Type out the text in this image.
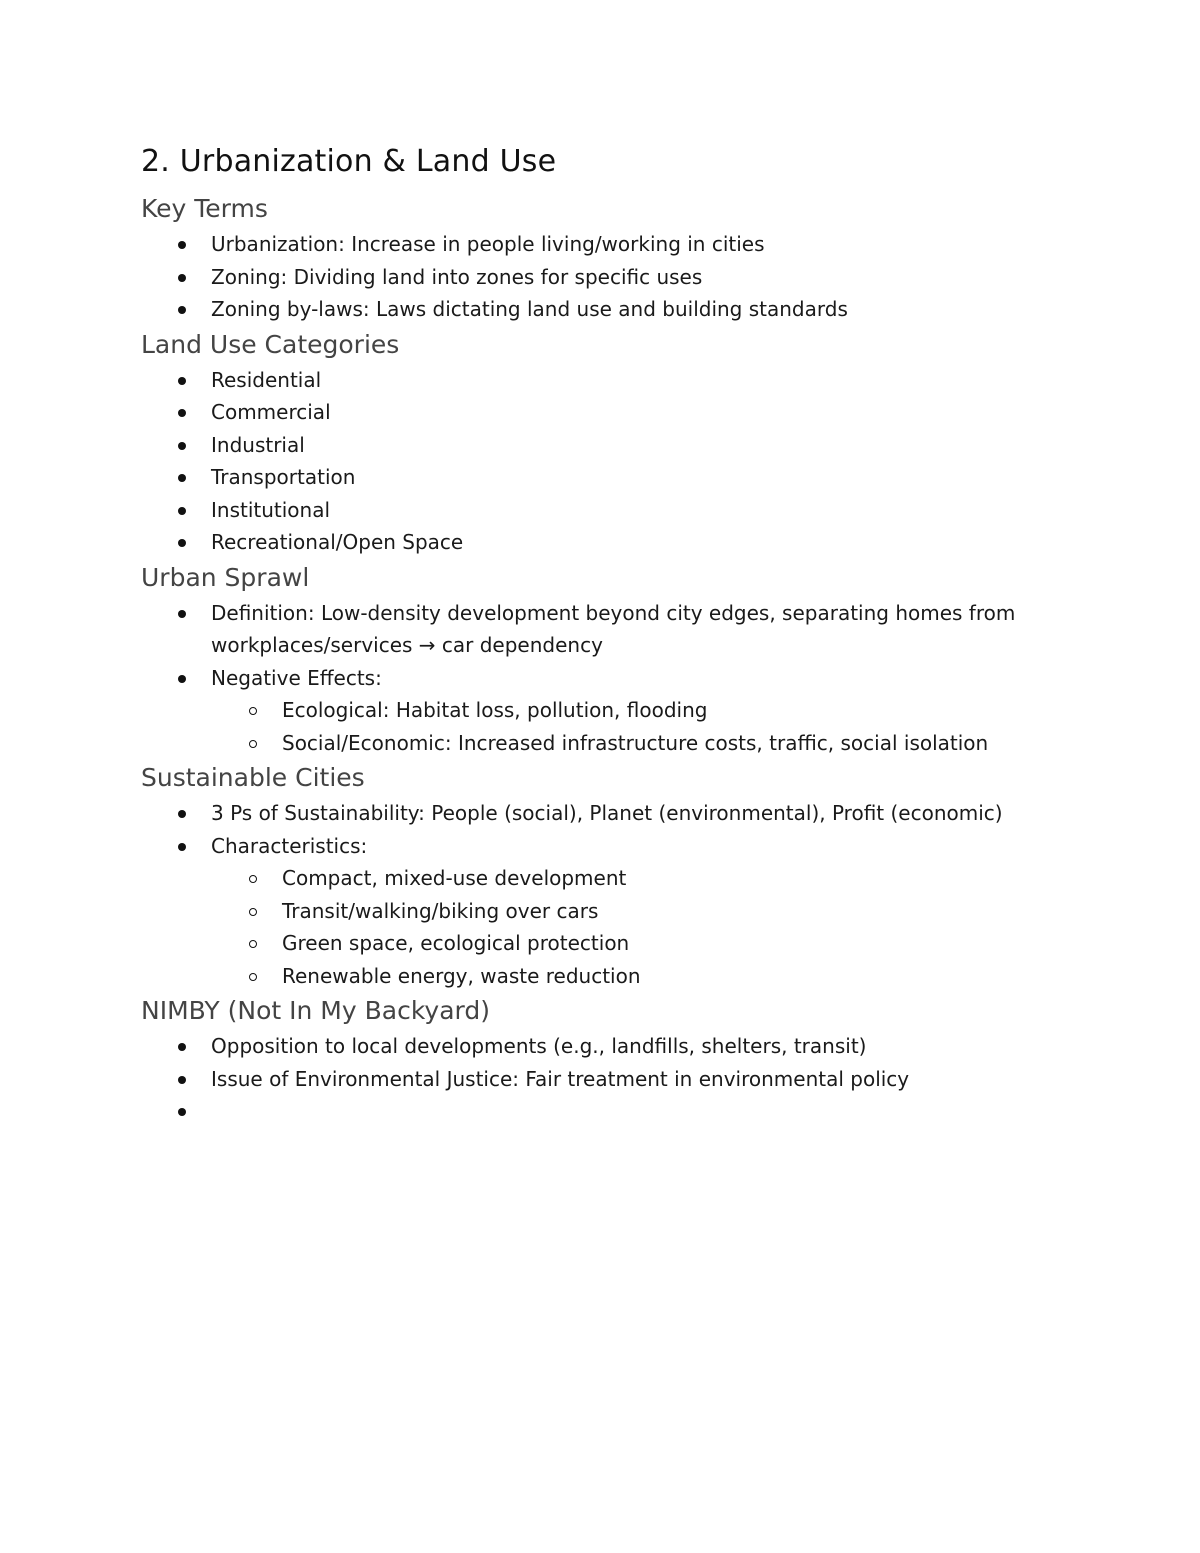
2. Urbanization & Land Use
Key Terms
Urbanization: Increase in people living/working in cities
Zoning: Dividing land into zones for specific uses
Zoning by-laws: Laws dictating land use and building standards
Land Use Categories
Residential
Commercial
Industrial
Transportation
Institutional
Recreational/Open Space
Urban Sprawl
Definition: Low-density development beyond city edges, separating homes from workplaces/services → car dependency
Negative Effects:
Ecological: Habitat loss, pollution, flooding
Social/Economic: Increased infrastructure costs, traffic, social isolation
Sustainable Cities
3 Ps of Sustainability: People (social), Planet (environmental), Profit (economic)
Characteristics:
Compact, mixed-use development
Transit/walking/biking over cars
Green space, ecological protection
Renewable energy, waste reduction
NIMBY (Not In My Backyard)
Opposition to local developments (e.g., landfills, shelters, transit)
Issue of Environmental Justice: Fair treatment in environmental policy
